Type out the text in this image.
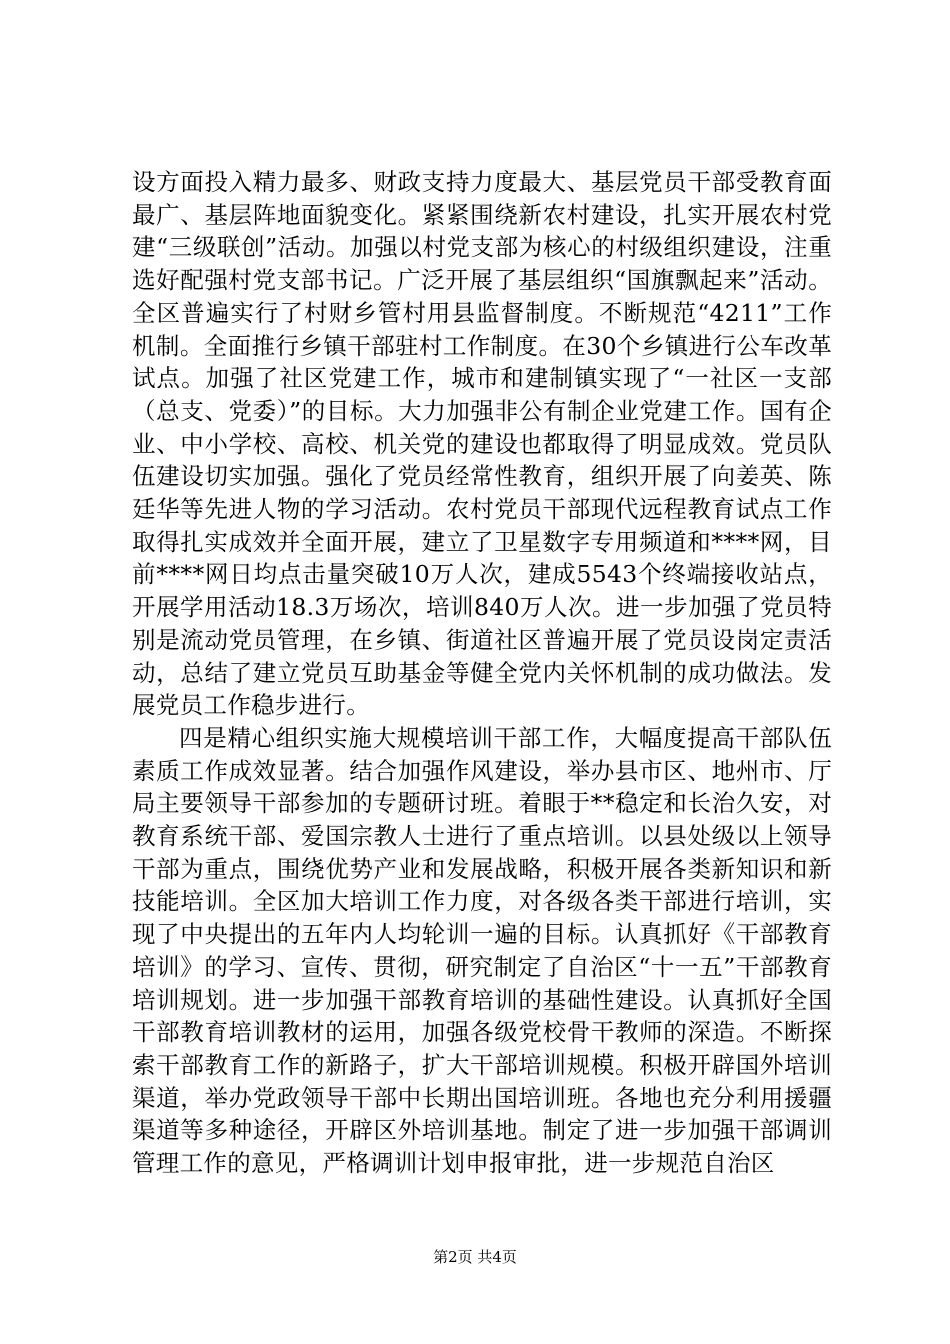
设方面投入精力最多、财政支持力度最大、基层党员干部受教育面最广、基层阵地面貌变化。紧紧围绕新农村建设，扎实开展农村党建“三级联创”活动。加强以村党支部为核心的村级组织建设，注重选好配强村党支部书记。广泛开展了基层组织“国旗飘起来”活动。全区普遍实行了村财乡管村用县监督制度。不断规范“4211”工作机制。全面推行乡镇干部驻村工作制度。在30个乡镇进行公车改革试点。加强了社区党建工作，城市和建制镇实现了“一社区一支部（总支、党委）”的目标。大力加强非公有制企业党建工作。国有企业、中小学校、高校、机关党的建设也都取得了明显成效。党员队伍建设切实加强。强化了党员经常性教育，组织开展了向姜英、陈廷华等先进人物的学习活动。农村党员干部现代远程教育试点工作取得扎实成效并全面开展，建立了卫星数字专用频道和****网，目前****网日均点击量突破10万人次，建成5543个终端接收站点，开展学用活动18.3万场次，培训840万人次。进一步加强了党员特别是流动党员管理，在乡镇、街道社区普遍开展了党员设岗定责活动，总结了建立党员互助基金等健全党内关怀机制的成功做法。发展党员工作稳步进行。

四是精心组织实施大规模培训干部工作，大幅度提高干部队伍素质工作成效显著。结合加强作风建设，举办县市区、地州市、厅局主要领导干部参加的专题研讨班。着眼于**稳定和长治久安，对教育系统干部、爱国宗教人士进行了重点培训。以县处级以上领导干部为重点，围绕优势产业和发展战略，积极开展各类新知识和新技能培训。全区加大培训工作力度，对各级各类干部进行培训，实现了中央提出的五年内人均轮训一遍的目标。认真抓好《干部教育培训》的学习、宣传、贯彻，研究制定了自治区“十一五”干部教育培训规划。进一步加强干部教育培训的基础性建设。认真抓好全国干部教育培训教材的运用，加强各级党校骨干教师的深造。不断探索干部教育工作的新路子，扩大干部培训规模。积极开辟国外培训渠道，举办党政领导干部中长期出国培训班。各地也充分利用援疆渠道等多种途径，开辟区外培训基地。制定了进一步加强干部调训管理工作的意见，严格调训计划申报审批，进一步规范自治区

第2页 共4页
